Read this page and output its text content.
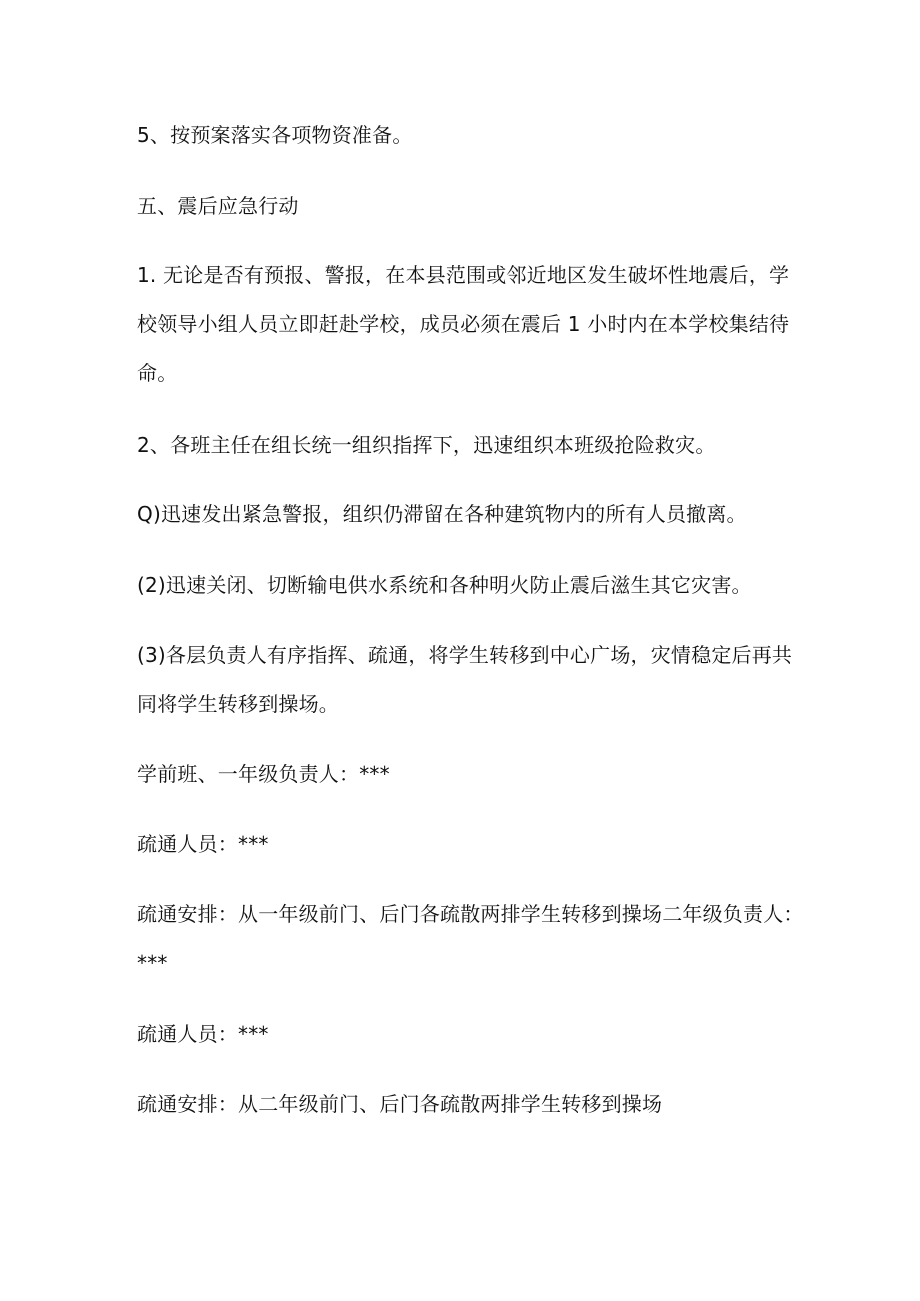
5、按预案落实各项物资准备。
五、震后应急行动
1. 无论是否有预报、警报，在本县范围或邻近地区发生破坏性地震后，学
校领导小组人员立即赶赴学校，成员必须在震后 1 小时内在本学校集结待
命。
2、各班主任在组长统一组织指挥下，迅速组织本班级抢险救灾。
Q)迅速发出紧急警报，组织仍滞留在各种建筑物内的所有人员撤离。
(2)迅速关闭、切断输电供水系统和各种明火防止震后滋生其它灾害。
(3)各层负责人有序指挥、疏通，将学生转移到中心广场，灾情稳定后再共
同将学生转移到操场。
学前班、一年级负责人：***
疏通人员：***
疏通安排：从一年级前门、后门各疏散两排学生转移到操场二年级负责人：
***
疏通人员：***
疏通安排：从二年级前门、后门各疏散两排学生转移到操场
